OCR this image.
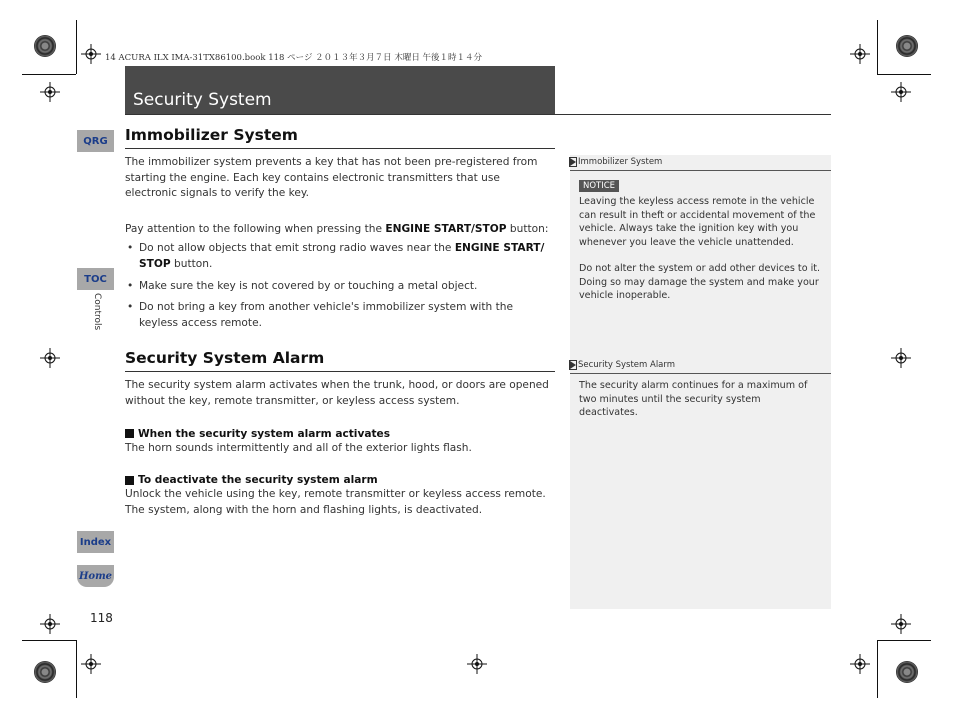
14 ACURA ILX IMA-31TX86100.book 118 ページ ２０１３年３月７日 木曜日 午後１時１４分
Security System
QRG
TOC
Controls
Index
Home
118
Immobilizer System

The immobilizer system prevents a key that has not been pre-registered from starting the engine. Each key contains electronic transmitters that use electronic signals to verify the key.

Pay attention to the following when pressing the ENGINE START/STOP button:

• Do not allow objects that emit strong radio waves near the ENGINE START/ STOP button.
• Make sure the key is not covered by or touching a metal object.
• Do not bring a key from another vehicle's immobilizer system with the keyless access remote.
Security System Alarm

The security system alarm activates when the trunk, hood, or doors are opened without the key, remote transmitter, or keyless access system.

When the security system alarm activates

The horn sounds intermittently and all of the exterior lights flash.

To deactivate the security system alarm

Unlock the vehicle using the key, remote transmitter or keyless access remote. The system, along with the horn and flashing lights, is deactivated.

Immobilizer System
NOTICE

Leaving the keyless access remote in the vehicle can result in theft or accidental movement of the vehicle. Always take the ignition key with you whenever you leave the vehicle unattended.

Do not alter the system or add other devices to it. Doing so may damage the system and make your vehicle inoperable.

Security System Alarm

The security alarm continues for a maximum of two minutes until the security system deactivates.
